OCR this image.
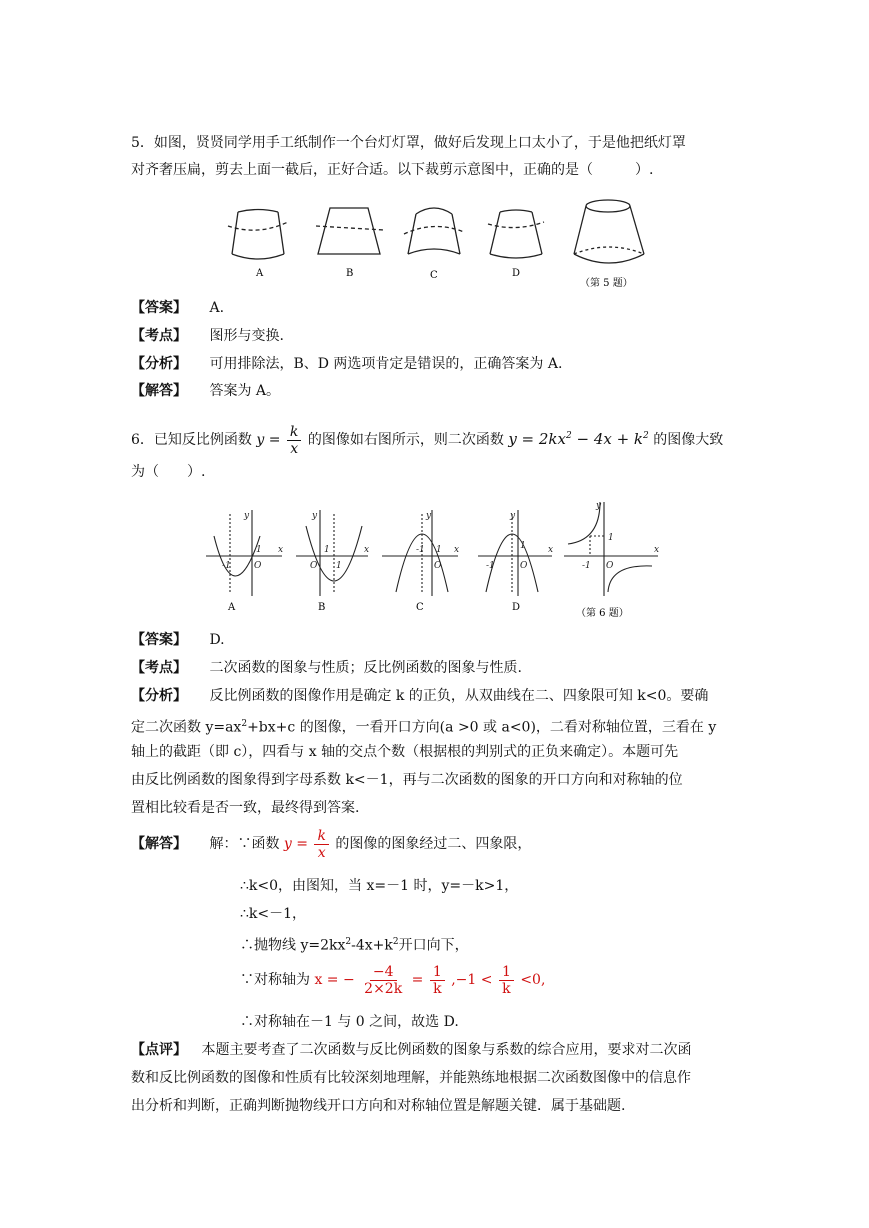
5．如图，贤贤同学用手工纸制作一个台灯灯罩，做好后发现上口太小了，于是他把纸灯罩
对齐奢压扁，剪去上面一截后，正好合适。以下裁剪示意图中，正确的是（　　　）.
A	B	C	D
（第 5 题）
【答案】 A.
【考点】 图形与变换.
【分析】 可用排除法，B、D 两选项肯定是错误的，正确答案为 A.
【解答】 答案为 A。
6．已知反比例函数 $y = \frac{k}{x}$ 的图像如右图所示，则二次函数 $y = 2kx^2 - 4x + k^2$ 的图像大致
为（　　）.
y
x
O
1
-1
y
x
O
1
1
y
x
O
-1 1
y
x
O
-1
1
y
x
O
-1
1
A	B	C	D
（第 6 题）
【答案】 D.
【考点】 二次函数的图象与性质；反比例函数的图象与性质.
【分析】 反比例函数的图像作用是确定 k 的正负，从双曲线在二、四象限可知 k<0。要确
定二次函数 $y=ax^2+bx+c$ 的图像，一看开口方向(a >0 或 a<0)，二看对称轴位置，三看在 y
轴上的截距（即 c），四看与 x 轴的交点个数（根据根的判别式的正负来确定）。本题可先
由反比例函数的图象得到字母系数 k<－1，再与二次函数的图象的开口方向和对称轴的位
置相比较看是否一致，最终得到答案.
【解答】 解：∵函数 $y = \frac{k}{x}$ 的图像的图象经过二、四象限，
∴k<0，由图知，当 x=－1 时，y=－k>1，
∴k<－1，
∴抛物线 $y=2kx^2-4x+k^2$开口向下，
∵对称轴为 x = − $\frac{-4}{2\times 2k} = \frac{1}{k} ,-1 < \frac{1}{k} <0$,
∴对称轴在－1 与 0 之间，故选 D.
【点评】 本题主要考查了二次函数与反比例函数的图象与系数的综合应用，要求对二次函
数和反比例函数的图像和性质有比较深刻地理解，并能熟练地根据二次函数图像中的信息作
出分析和判断，正确判断抛物线开口方向和对称轴位置是解题关键．属于基础题.
